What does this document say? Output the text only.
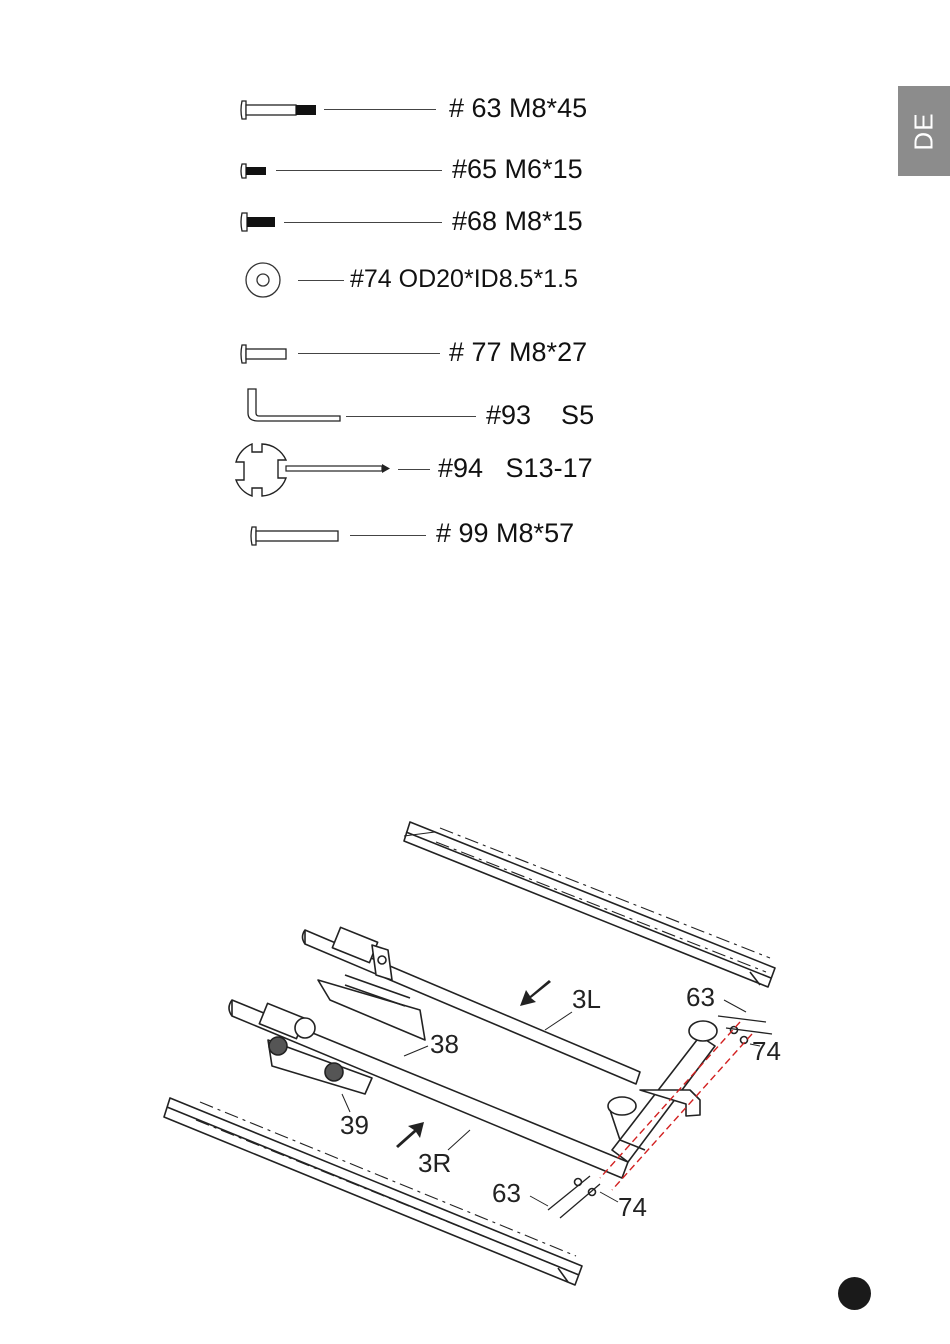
DE
# 63 M8*45
#65 M6*15
#68 M8*15
#74 OD20*ID8.5*1.5
# 77 M8*27
#93    S5
#94   S13-17
# 99 M8*57
3L	63
74
38
39
3R
63	74
